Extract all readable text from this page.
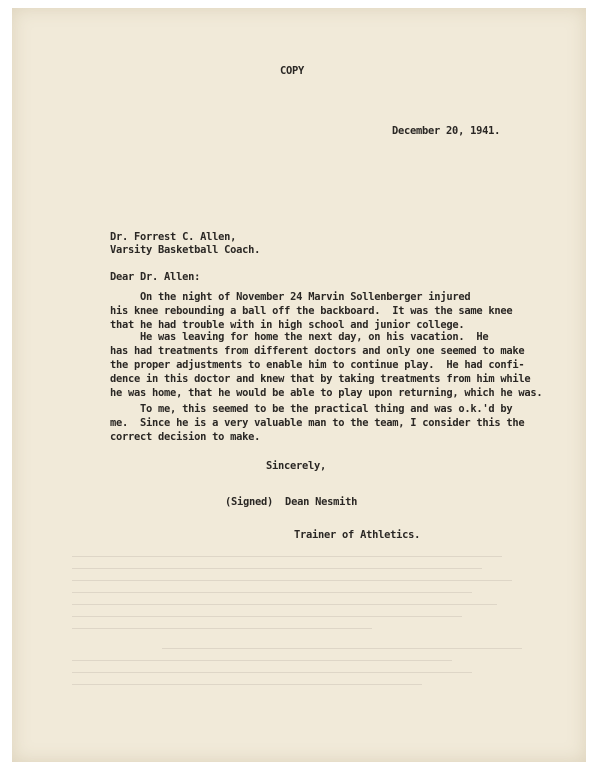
COPY
December 20, 1941.
Dr. Forrest C. Allen,
Varsity Basketball Coach.
Dear Dr. Allen:
On the night of November 24 Marvin Sollenberger injured
his knee rebounding a ball off the backboard.  It was the same knee
that he had trouble with in high school and junior college.
He was leaving for home the next day, on his vacation.  He
has had treatments from different doctors and only one seemed to make
the proper adjustments to enable him to continue play.  He had confi-
dence in this doctor and knew that by taking treatments from him while
he was home, that he would be able to play upon returning, which he was.
To me, this seemed to be the practical thing and was o.k.'d by
me.  Since he is a very valuable man to the team, I consider this the
correct decision to make.
Sincerely,
(Signed)  Dean Nesmith
Trainer of Athletics.
